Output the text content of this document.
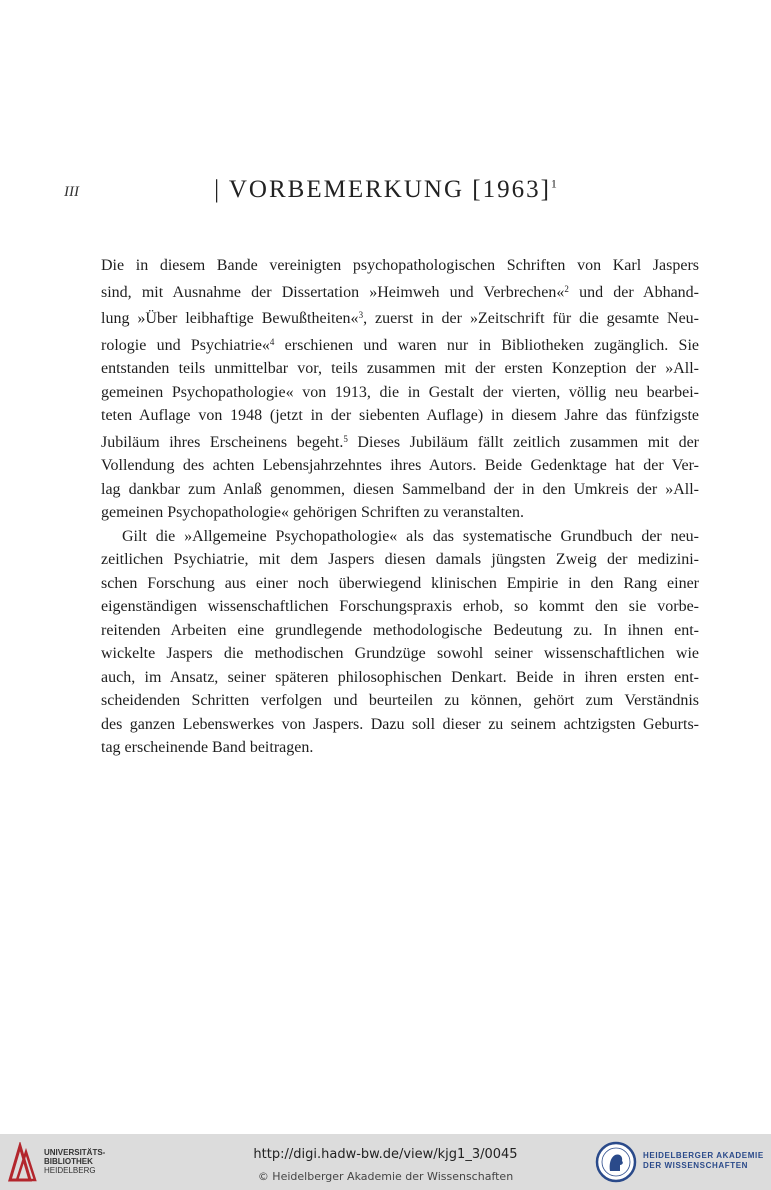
III	| VORBEMERKUNG $[1963]^1$

Die in diesem Bande vereinigten psychopathologischen Schriften von Karl Jaspers
sind, mit Ausnahme der Dissertation »Heimweh und Verbrechen«$^2$ und der Abhand-
lung »Über leibhaftige Bewußtheiten«$^3$, zuerst in der »Zeitschrift für die gesamte Neu-
rologie und Psychiatrie«$^4$ erschienen und waren nur in Bibliotheken zugänglich. Sie
entstanden teils unmittelbar vor, teils zusammen mit der ersten Konzeption der »All-
gemeinen Psychopathologie« von 1913, die in Gestalt der vierten, völlig neu bearbei-
teten Auflage von 1948 (jetzt in der siebenten Auflage) in diesem Jahre das fünfzigste
Jubiläum ihres Erscheinens begeht.$^5$ Dieses Jubiläum fällt zeitlich zusammen mit der
Vollendung des achten Lebensjahrzehntes ihres Autors. Beide Gedenktage hat der Ver-
lag dankbar zum Anlaß genommen, diesen Sammelband der in den Umkreis der »All-
gemeinen Psychopathologie« gehörigen Schriften zu veranstalten.

Gilt die »Allgemeine Psychopathologie« als das systematische Grundbuch der neu-
zeitlichen Psychiatrie, mit dem Jaspers diesen damals jüngsten Zweig der medizini-
schen Forschung aus einer noch überwiegend klinischen Empirie in den Rang einer
eigenständigen wissenschaftlichen Forschungspraxis erhob, so kommt den sie vorbe-
reitenden Arbeiten eine grundlegende methodologische Bedeutung zu. In ihnen ent-
wickelte Jaspers die methodischen Grundzüge sowohl seiner wissenschaftlichen wie
auch, im Ansatz, seiner späteren philosophischen Denkart. Beide in ihren ersten ent-
scheidenden Schritten verfolgen und beurteilen zu können, gehört zum Verständnis
des ganzen Lebenswerkes von Jaspers. Dazu soll dieser zu seinem achtzigsten Geburts-
tag erscheinende Band beitragen.

UNIVERSITÄTS-
BIBLIOTHEK
HEIDELBERG
http://digi.hadw-bw.de/view/kjg1_3/0045
© Heidelberger Akademie der Wissenschaften
HEIDELBERGER AKADEMIE
DER WISSENSCHAFTEN
